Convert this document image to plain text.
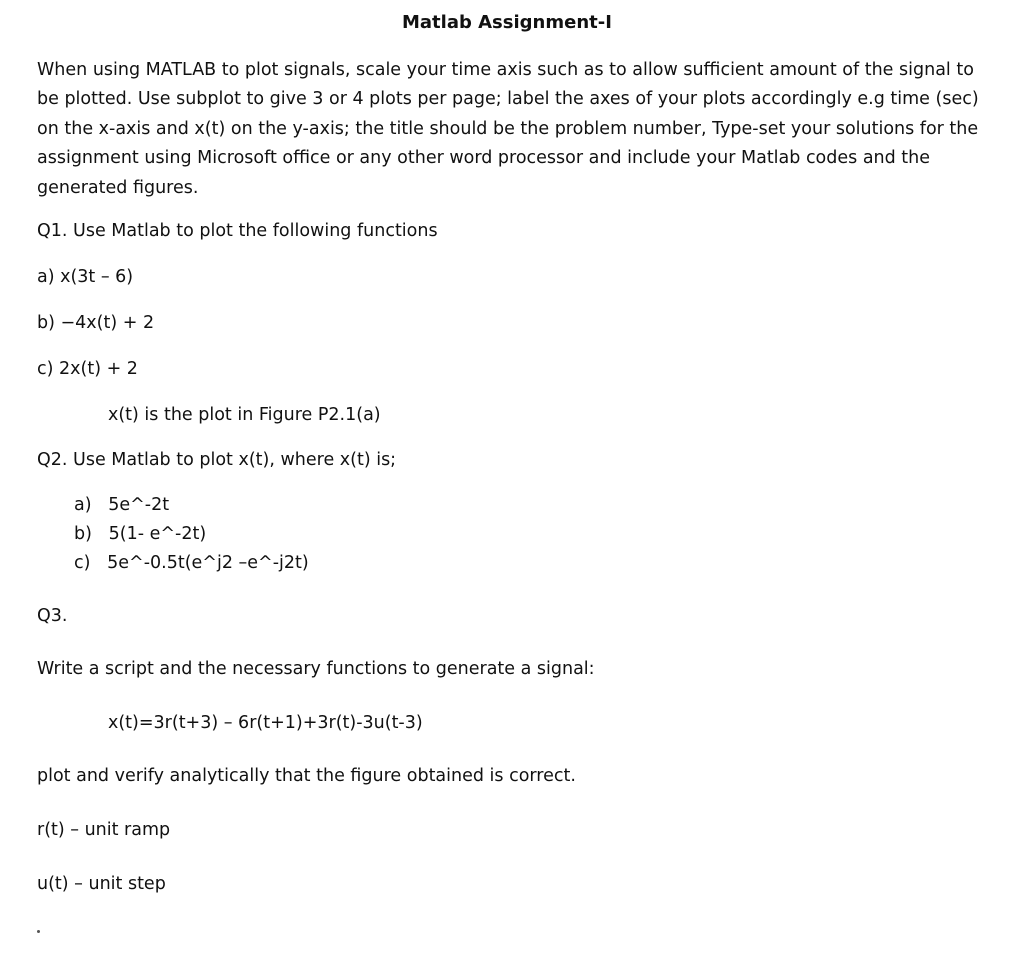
Matlab Assignment-I
When using MATLAB to plot signals, scale your time axis such as to allow sufficient amount of the signal to be plotted. Use subplot to give 3 or 4 plots per page; label the axes of your plots accordingly e.g time (sec) on the x-axis and x(t) on the y-axis; the title should be the problem number, Type-set your solutions for the assignment using Microsoft office or any other word processor and include your Matlab codes and the generated figures.
Q1. Use Matlab to plot the following functions
a) x(3t – 6)
b) −4x(t) + 2
c) 2x(t) + 2
x(t) is the plot in Figure P2.1(a)
Q2. Use Matlab to plot x(t), where x(t) is;
a)   5e^-2t
b)   5(1- e^-2t)
c)   5e^-0.5t(e^j2 –e^-j2t)
Q3.
Write a script and the necessary functions to generate a signal:
x(t)=3r(t+3) – 6r(t+1)+3r(t)-3u(t-3)
plot and verify analytically that the figure obtained is correct.
r(t) – unit ramp
u(t) – unit step
